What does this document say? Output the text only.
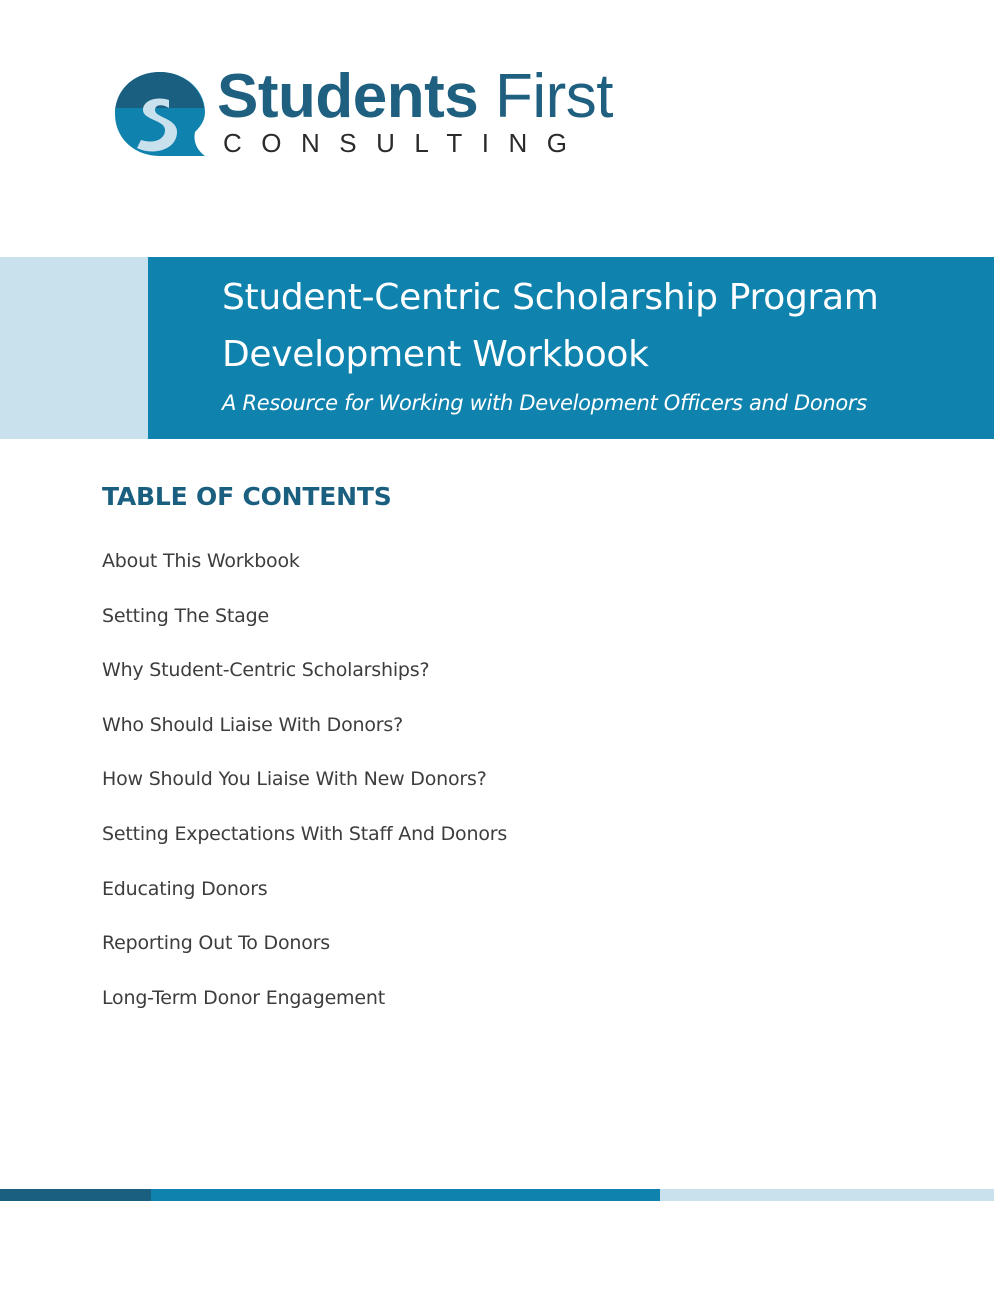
Students First
CONSULTING
Student-Centric Scholarship Program
Development Workbook
A Resource for Working with Development Officers and Donors
TABLE OF CONTENTS
About This Workbook
Setting The Stage
Why Student-Centric Scholarships?
Who Should Liaise With Donors?
How Should You Liaise With New Donors?
Setting Expectations With Staff And Donors
Educating Donors
Reporting Out To Donors
Long-Term Donor Engagement
